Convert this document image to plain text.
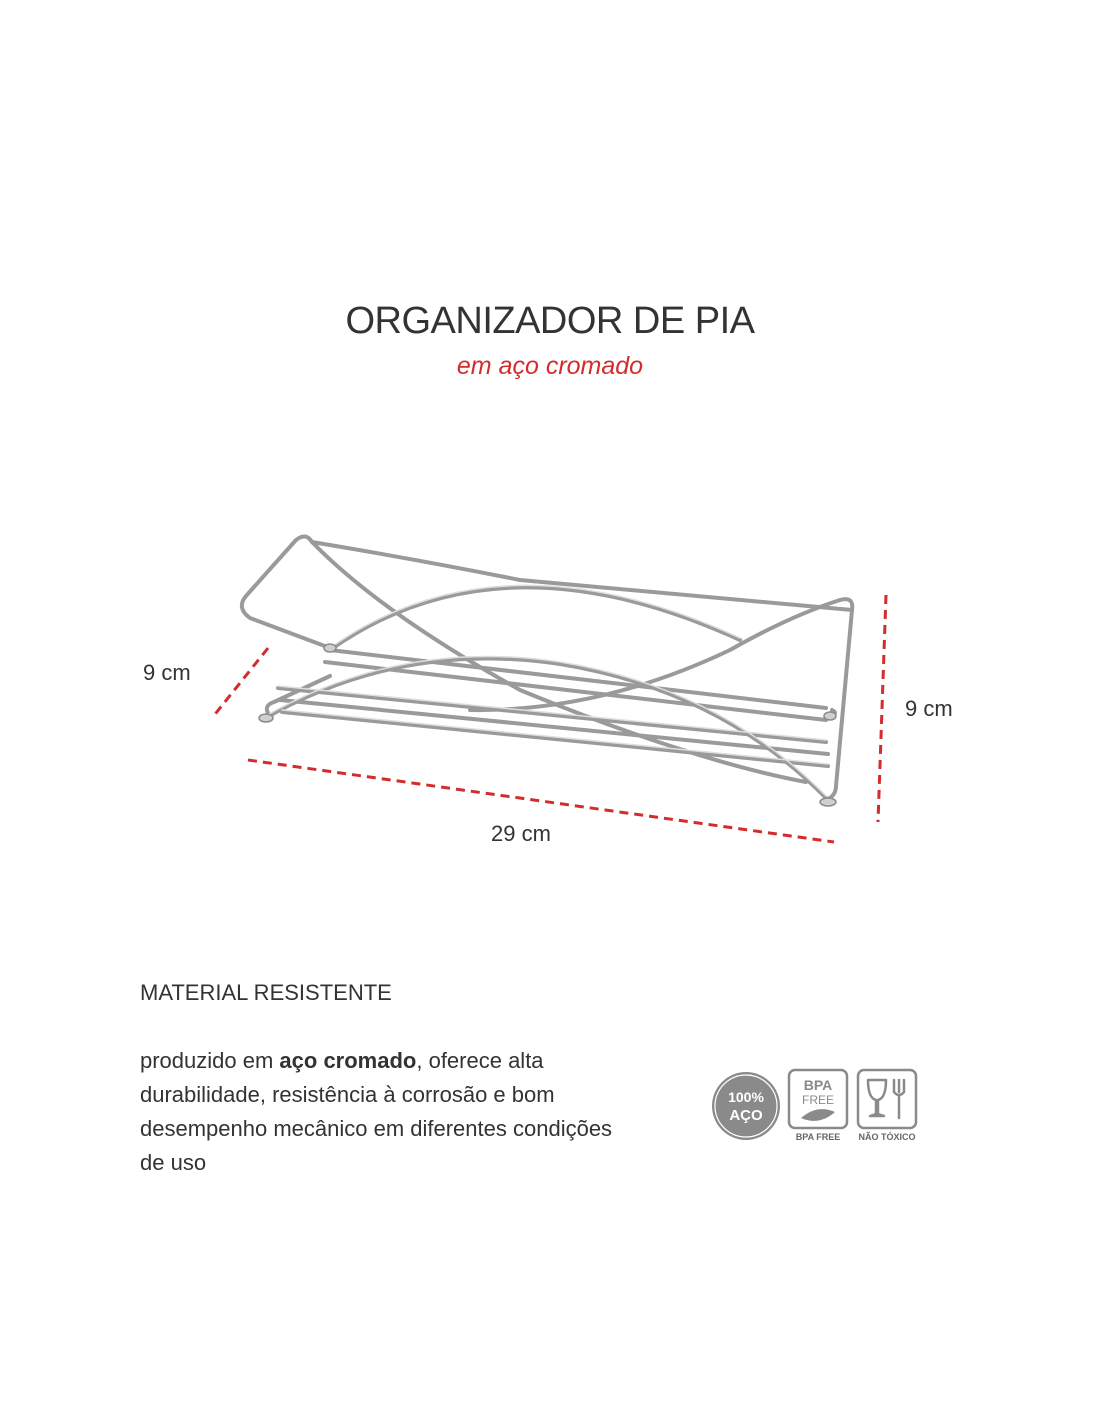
ORGANIZADOR DE PIA
em aço cromado
9 cm
9 cm
29 cm
MATERIAL RESISTENTE
produzido em aço cromado, oferece alta durabilidade, resistência à corrosão e bom desempenho mecânico em diferentes condições de uso
100%
AÇO
BPA
FREE
BPA FREE	NÃO TÓXICO
